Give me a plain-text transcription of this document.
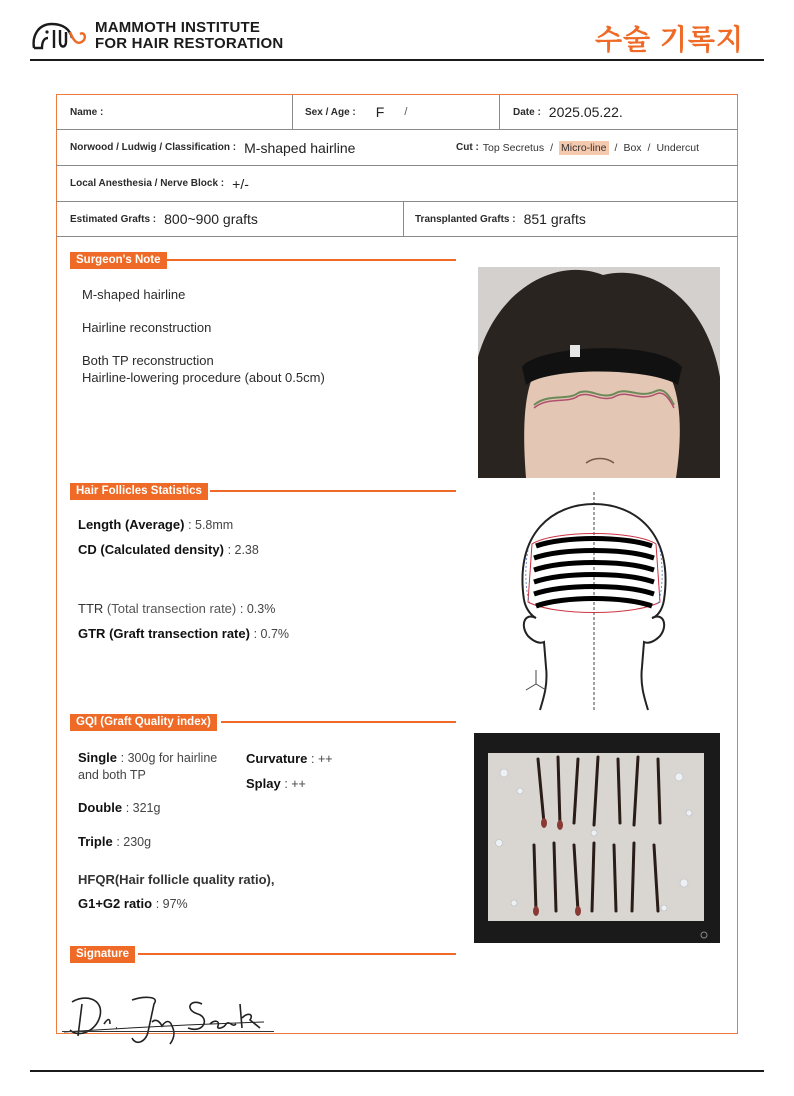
MAMMOTH INSTITUTE
FOR HAIR RESTORATION	수술 기록지
Name :	Sex / Age : F /	Date : 2025.05.22.
Norwood / Ludwig / Classification : M-shaped hairline	Cut : Top Secretus / Micro-line / Box / Undercut
Local Anesthesia / Nerve Block : +/-
Estimated Grafts : 800~900 grafts	Transplanted Grafts : 851 grafts
Surgeon's Note
M-shaped hairline
Hairline reconstruction
Both TP reconstruction
Hairline-lowering procedure (about 0.5cm)
Hair Follicles Statistics
Length (Average) : 5.8mm
CD (Calculated density) : 2.38
TTR (Total transection rate) : 0.3%
GTR (Graft transection rate) : 0.7%
GQI (Graft Quality index)
Single : 300g for hairline
and both TP
Curvature : ++
Splay : ++
Double : 321g
Triple : 230g
HFQR(Hair follicle quality ratio),
G1+G2 ratio : 97%
Signature
Dr. Jay Seok
